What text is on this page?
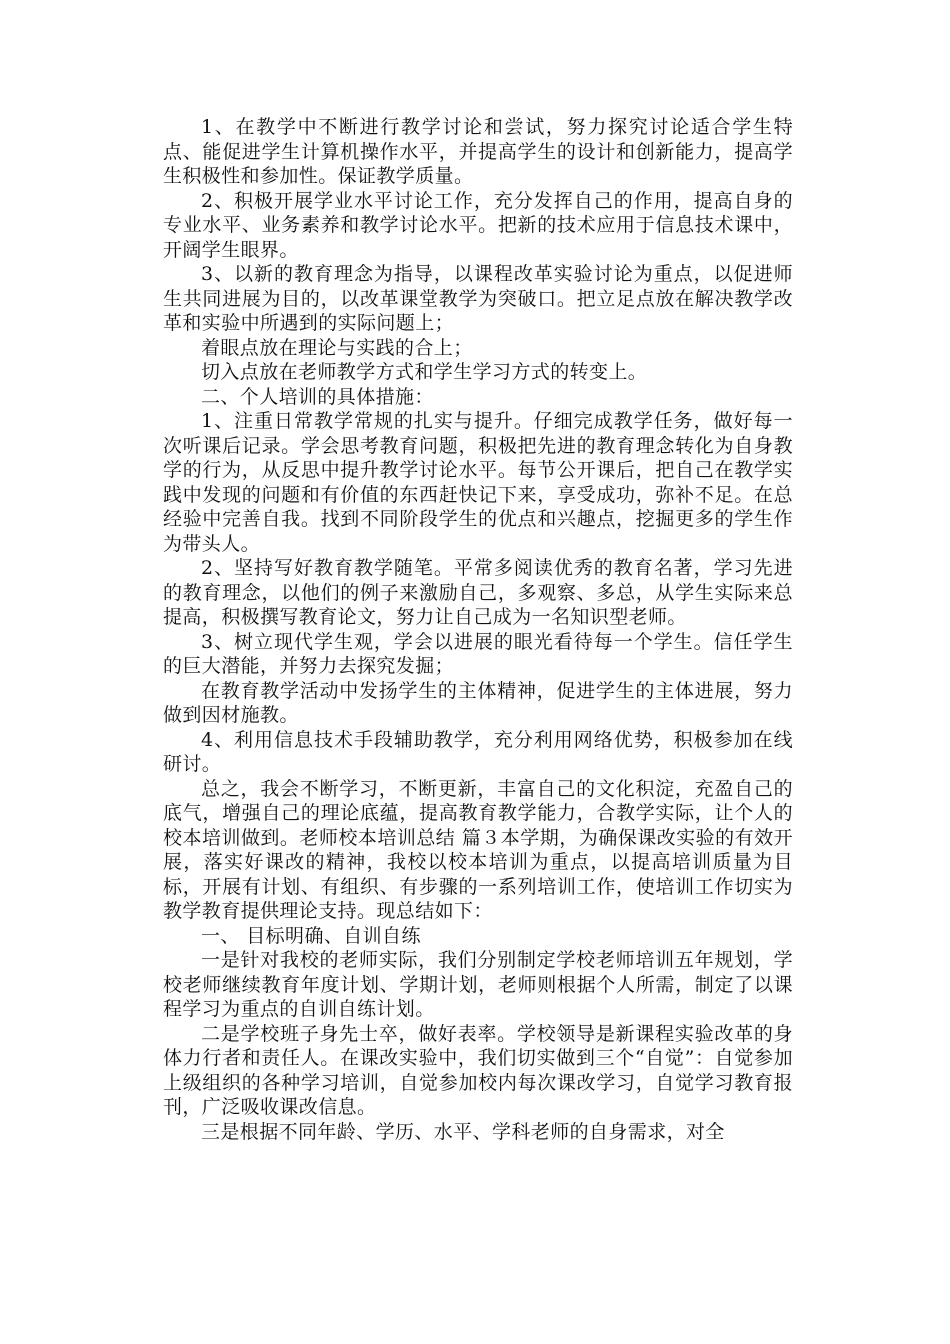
1、在教学中不断进行教学讨论和尝试，努力探究讨论适合学生特点、能促进学生计算机操作水平，并提高学生的设计和创新能力，提高学生积极性和参加性。保证教学质量。

2、积极开展学业水平讨论工作，充分发挥自己的作用，提高自身的专业水平、业务素养和教学讨论水平。把新的技术应用于信息技术课中，开阔学生眼界。

3、以新的教育理念为指导，以课程改革实验讨论为重点，以促进师生共同进展为目的，以改革课堂教学为突破口。把立足点放在解决教学改革和实验中所遇到的实际问题上；

着眼点放在理论与实践的合上；

切入点放在老师教学方式和学生学习方式的转变上。

二、个人培训的具体措施：

1、注重日常教学常规的扎实与提升。仔细完成教学任务，做好每一次听课后记录。学会思考教育问题，积极把先进的教育理念转化为自身教学的行为，从反思中提升教学讨论水平。每节公开课后，把自己在教学实践中发现的问题和有价值的东西赶快记下来，享受成功，弥补不足。在总经验中完善自我。找到不同阶段学生的优点和兴趣点，挖掘更多的学生作为带头人。

2、坚持写好教育教学随笔。平常多阅读优秀的教育名著，学习先进的教育理念，以他们的例子来激励自己，多观察、多总，从学生实际来总提高，积极撰写教育论文，努力让自己成为一名知识型老师。

3、树立现代学生观，学会以进展的眼光看待每一个学生。信任学生的巨大潜能，并努力去探究发掘；

在教育教学活动中发扬学生的主体精神，促进学生的主体进展，努力做到因材施教。

4、利用信息技术手段辅助教学，充分利用网络优势，积极参加在线研讨。

总之，我会不断学习，不断更新，丰富自己的文化积淀，充盈自己的底气，增强自己的理论底蕴，提高教育教学能力，合教学实际，让个人的校本培训做到。老师校本培训总结 篇３本学期，为确保课改实验的有效开展，落实好课改的精神，我校以校本培训为重点，以提高培训质量为目标，开展有计划、有组织、有步骤的一系列培训工作，使培训工作切实为教学教育提供理论支持。现总结如下：

一、 目标明确、自训自练

一是针对我校的老师实际，我们分别制定学校老师培训五年规划，学校老师继续教育年度计划、学期计划，老师则根据个人所需，制定了以课程学习为重点的自训自练计划。

二是学校班子身先士卒，做好表率。学校领导是新课程实验改革的身体力行者和责任人。在课改实验中，我们切实做到三个“自觉”：自觉参加上级组织的各种学习培训，自觉参加校内每次课改学习，自觉学习教育报刊，广泛吸收课改信息。

三是根据不同年龄、学历、水平、学科老师的自身需求，对全
